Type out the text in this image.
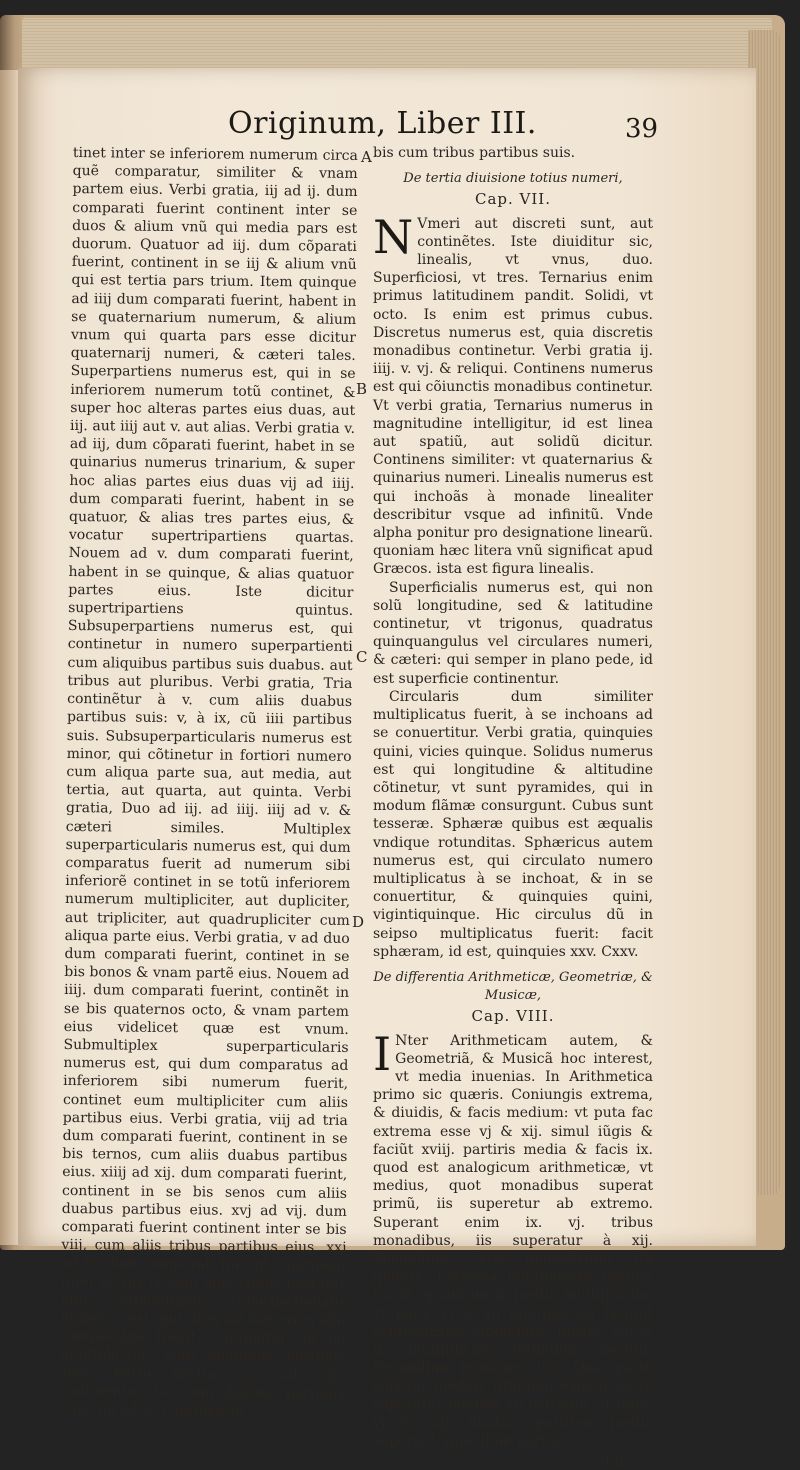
Originum, Liber III.	39

tinet inter se inferiorem numerum circa quẽ comparatur, similiter & vnam partem eius. Verbi gratia, iij ad ij. dum comparati fuerint continent inter se duos & alium vnũ qui media pars est duorum. Quatuor ad iij. dum cõparati fuerint, continent in se iij & alium vnũ qui est tertia pars trium. Item quinque ad iiij dum comparati fuerint, habent in se quaternarium numerum, & alium vnum qui quarta pars esse dicitur quaternarij numeri, & cæteri tales. Superpartiens numerus est, qui in se inferiorem numerum totũ continet, & super hoc alteras partes eius duas, aut iij. aut iiij aut v. aut alias. Verbi gratia v. ad iij, dum cõparati fuerint, habet in se quinarius numerus trinarium, & super hoc alias partes eius duas vij ad iiij. dum comparati fuerint, habent in se quatuor, & alias tres partes eius, & vocatur supertripartiens quartas. Nouem ad v. dum comparati fuerint, habent in se quinque, & alias quatuor partes eius. Iste dicitur supertripartiens quintus. Subsuperpartiens numerus est, qui continetur in numero superpartienti cum aliquibus partibus suis duabus. aut tribus aut pluribus. Verbi gratia, Tria continẽtur à v. cum aliis duabus partibus suis: v, à ix, cũ iiii partibus suis. Subsuperparticularis numerus est minor, qui cõtinetur in fortiori numero cum aliqua parte sua, aut media, aut tertia, aut quarta, aut quinta. Verbi gratia, Duo ad iij. ad iiij. iiij ad v. & cæteri similes. Multiplex superparticularis numerus est, qui dum comparatus fuerit ad numerum sibi inferiorẽ continet in se totũ inferiorem numerum multipliciter, aut dupliciter, aut tripliciter, aut quadrupliciter cum aliqua parte eius. Verbi gratia, v ad duo dum comparati fuerint, continet in se bis bonos & vnam partẽ eius. Nouem ad iiij. dum comparati fuerint, continẽt in se bis quaternos octo, & vnam partem eius videlicet quæ est vnum. Submultiplex superparticularis numerus est, qui dum comparatus ad inferiorem sibi numerum fuerit, continet eum multipliciter cum aliis partibus eius. Verbi gratia, viij ad tria dum comparati fuerint, continent in se bis ternos, cum aliis duabus partibus eius. xiiij ad xij. dum comparati fuerint, continent in se bis senos cum aliis duabus partibus eius. xvj ad vij. dum comparati fuerint continent inter se bis viij, cum aliis tribus partibus eius. xxj ad ix. dum comparati fuerint, continent inter se bis ix cum aliis tribus partibus eius. Submultiplex superpartionalis numerus est, qui dum ad fortiorem sibi comparatus fuerit, continetur ab eo multipliciter, cum aliquibus partibus suis. Verbi gratia, iij. ad viij, continentur bis cum duabus partibus eius, iiij ad xi. continentur

A
B
C
D

bis cum tribus partibus suis.

De tertia diuisione totius numeri,
Cap. VII.

N Vmeri aut discreti sunt, aut continẽtes. Iste diuiditur sic, linealis, vt vnus, duo. Superficiosi, vt tres. Ternarius enim primus latitudinem pandit. Solidi, vt octo. Is enim est primus cubus. Discretus numerus est, quia discretis monadibus continetur. Verbi gratia ij. iiij. v. vj. & reliqui. Continens numerus est qui cõiunctis monadibus continetur. Vt verbi gratia, Ternarius numerus in magnitudine intelligitur, id est linea aut spatiũ, aut solidũ dicitur. Continens similiter: vt quaternarius & quinarius numeri. Linealis numerus est qui inchoãs à monade linealiter describitur vsque ad infinitũ. Vnde alpha ponitur pro designatione linearũ. quoniam hæc litera vnũ significat apud Græcos. ista est figura linealis.

Superficialis numerus est, qui non solũ longitudine, sed & latitudine continetur, vt trigonus, quadratus quinquangulus vel circulares numeri, & cæteri: qui semper in plano pede, id est superficie continentur.

Circularis dum similiter multiplicatus fuerit, à se inchoans ad se conuertitur. Verbi gratia, quinquies quini, vicies quinque. Solidus numerus est qui longitudine & altitudine cõtinetur, vt sunt pyramides, qui in modum flãmæ consurgunt. Cubus sunt tesseræ. Sphæræ quibus est æqualis vndique rotunditas. Sphæricus autem numerus est, qui circulato numero multiplicatus à se inchoat, & in se conuertitur, & quinquies quini, vigintiquinque. Hic circulus dũ in seipso multiplicatus fuerit: facit sphæram, id est, quinquies xxv. Cxxv.

De differentia Arithmeticæ, Geometriæ, & Musicæ,
Cap. VIII.

I Nter Arithmeticam autem, & Geometriã, & Musicã hoc interest, vt media inuenias. In Arithmetica primo sic quæris. Coniungis extrema, & diuidis, & facis medium: vt puta fac extrema esse vj & xij. simul iũgis & faciũt xviij. partiris media & facis ix. quod est analogicum arithmeticæ, vt medius, quot monadibus superat primũ, iis superetur ab extremo. Superant enim ix. vj. tribus monadibus, iis superatur à xij. Secundum verò geometriam ita quæris. Extrema multiplicata tantum faciũt, quantum & media multiplicata, vt puta, vj & xij multiplicata faciunt septuagesies diponduos, media, viij & ix. multiplicata tãtundem faciunt. Secundum musicam ita: Qua parte superat medius primum, eadem parte superatur medius ab extremo, vt puta, vj & viij. duabus partibus media superant: quæ duæ partes

d ij
